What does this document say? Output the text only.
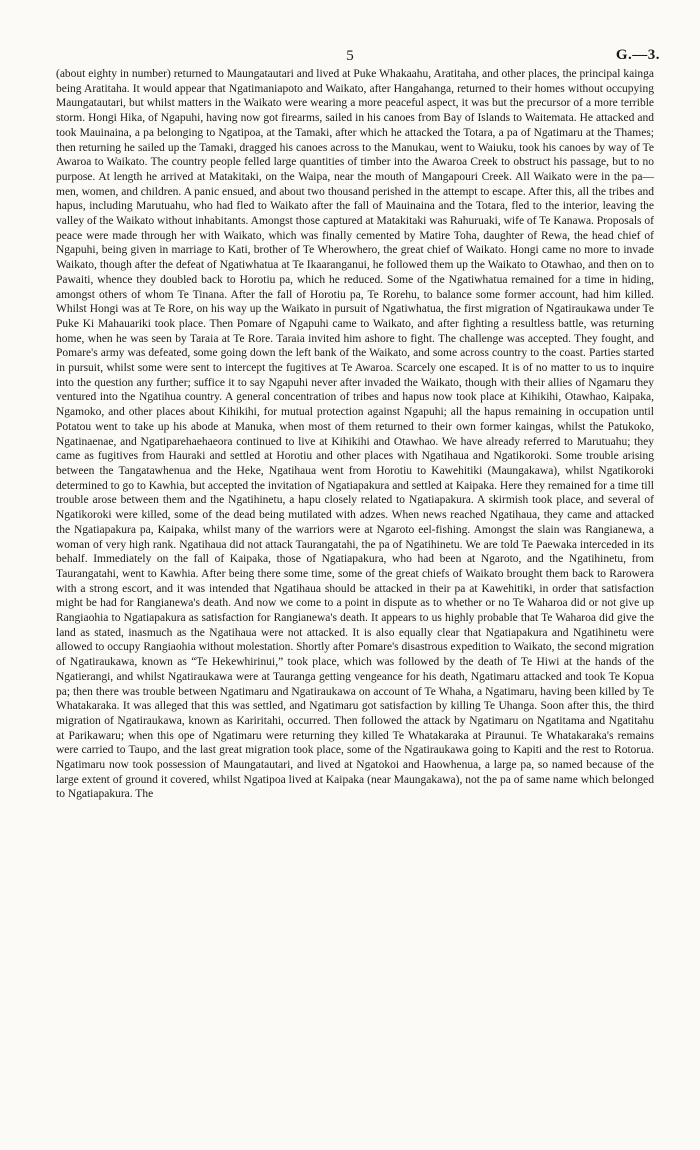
5	G.—3.
(about eighty in number) returned to Maungatautari and lived at Puke Whakaahu, Aratitaha, and other places, the principal kainga being Aratitaha. It would appear that Ngatimaniapoto and Waikato, after Hangahanga, returned to their homes without occupying Maungatautari, but whilst matters in the Waikato were wearing a more peaceful aspect, it was but the precursor of a more terrible storm. Hongi Hika, of Ngapuhi, having now got firearms, sailed in his canoes from Bay of Islands to Waitemata. He attacked and took Mauinaina, a pa belonging to Ngatipoa, at the Tamaki, after which he attacked the Totara, a pa of Ngatimaru at the Thames; then returning he sailed up the Tamaki, dragged his canoes across to the Manukau, went to Waiuku, took his canoes by way of Te Awaroa to Waikato. The country people felled large quantities of timber into the Awaroa Creek to obstruct his passage, but to no purpose. At length he arrived at Matakitaki, on the Waipa, near the mouth of Mangapouri Creek. All Waikato were in the pa—men, women, and children. A panic ensued, and about two thousand perished in the attempt to escape. After this, all the tribes and hapus, including Marutuahu, who had fled to Waikato after the fall of Mauinaina and the Totara, fled to the interior, leaving the valley of the Waikato without inhabitants. Amongst those captured at Matakitaki was Rahuruaki, wife of Te Kanawa. Proposals of peace were made through her with Waikato, which was finally cemented by Matire Toha, daughter of Rewa, the head chief of Ngapuhi, being given in marriage to Kati, brother of Te Wherowhero, the great chief of Waikato. Hongi came no more to invade Waikato, though after the defeat of Ngatiwhatua at Te Ikaaranganui, he followed them up the Waikato to Otawhao, and then on to Pawaiti, whence they doubled back to Horotiu pa, which he reduced. Some of the Ngatiwhatua remained for a time in hiding, amongst others of whom Te Tinana. After the fall of Horotiu pa, Te Rorehu, to balance some former account, had him killed. Whilst Hongi was at Te Rore, on his way up the Waikato in pursuit of Ngatiwhatua, the first migration of Ngatiraukawa under Te Puke Ki Mahauariki took place. Then Pomare of Ngapuhi came to Waikato, and after fighting a resultless battle, was returning home, when he was seen by Taraia at Te Rore. Taraia invited him ashore to fight. The challenge was accepted. They fought, and Pomare's army was defeated, some going down the left bank of the Waikato, and some across country to the coast. Parties started in pursuit, whilst some were sent to intercept the fugitives at Te Awaroa. Scarcely one escaped. It is of no matter to us to inquire into the question any further; suffice it to say Ngapuhi never after invaded the Waikato, though with their allies of Ngamaru they ventured into the Ngatihua country. A general concentration of tribes and hapus now took place at Kihikihi, Otawhao, Kaipaka, Ngamoko, and other places about Kihikihi, for mutual protection against Ngapuhi; all the hapus remaining in occupation until Potatou went to take up his abode at Manuka, when most of them returned to their own former kaingas, whilst the Patukoko, Ngatinaenae, and Ngatiparehaehaeora continued to live at Kihikihi and Otawhao. We have already referred to Marutuahu; they came as fugitives from Hauraki and settled at Horotiu and other places with Ngatihaua and Ngatikoroki. Some trouble arising between the Tangatawhenua and the Heke, Ngatihaua went from Horotiu to Kawehitiki (Maungakawa), whilst Ngatikoroki determined to go to Kawhia, but accepted the invitation of Ngatiapakura and settled at Kaipaka. Here they remained for a time till trouble arose between them and the Ngatihinetu, a hapu closely related to Ngatiapakura. A skirmish took place, and several of Ngatikoroki were killed, some of the dead being mutilated with adzes. When news reached Ngatihaua, they came and attacked the Ngatiapakura pa, Kaipaka, whilst many of the warriors were at Ngaroto eel-fishing. Amongst the slain was Rangianewa, a woman of very high rank. Ngatihaua did not attack Taurangatahi, the pa of Ngatihinetu. We are told Te Paewaka interceded in its behalf. Immediately on the fall of Kaipaka, those of Ngatiapakura, who had been at Ngaroto, and the Ngatihinetu, from Taurangatahi, went to Kawhia. After being there some time, some of the great chiefs of Waikato brought them back to Rarowera with a strong escort, and it was intended that Ngatihaua should be attacked in their pa at Kawehitiki, in order that satisfaction might be had for Rangianewa's death. And now we come to a point in dispute as to whether or no Te Waharoa did or not give up Rangiaohia to Ngatiapakura as satisfaction for Rangianewa's death. It appears to us highly probable that Te Waharoa did give the land as stated, inasmuch as the Ngatihaua were not attacked. It is also equally clear that Ngatiapakura and Ngatihinetu were allowed to occupy Rangiaohia without molestation. Shortly after Pomare's disastrous expedition to Waikato, the second migration of Ngatiraukawa, known as “Te Hekewhirinui,” took place, which was followed by the death of Te Hiwi at the hands of the Ngatierangi, and whilst Ngatiraukawa were at Tauranga getting vengeance for his death, Ngatimaru attacked and took Te Kopua pa; then there was trouble between Ngatimaru and Ngatiraukawa on account of Te Whaha, a Ngatimaru, having been killed by Te Whatakaraka. It was alleged that this was settled, and Ngatimaru got satisfaction by killing Te Uhanga. Soon after this, the third migration of Ngatiraukawa, known as Kariritahi, occurred. Then followed the attack by Ngatimaru on Ngatitama and Ngatitahu at Parikawaru; when this ope of Ngatimaru were returning they killed Te Whatakaraka at Piraunui. Te Whatakaraka's remains were carried to Taupo, and the last great migration took place, some of the Ngatiraukawa going to Kapiti and the rest to Rotorua. Ngatimaru now took possession of Maungatautari, and lived at Ngatokoi and Haowhenua, a large pa, so named because of the large extent of ground it covered, whilst Ngatipoa lived at Kaipaka (near Maungakawa), not the pa of same name which belonged to Ngatiapakura. The
